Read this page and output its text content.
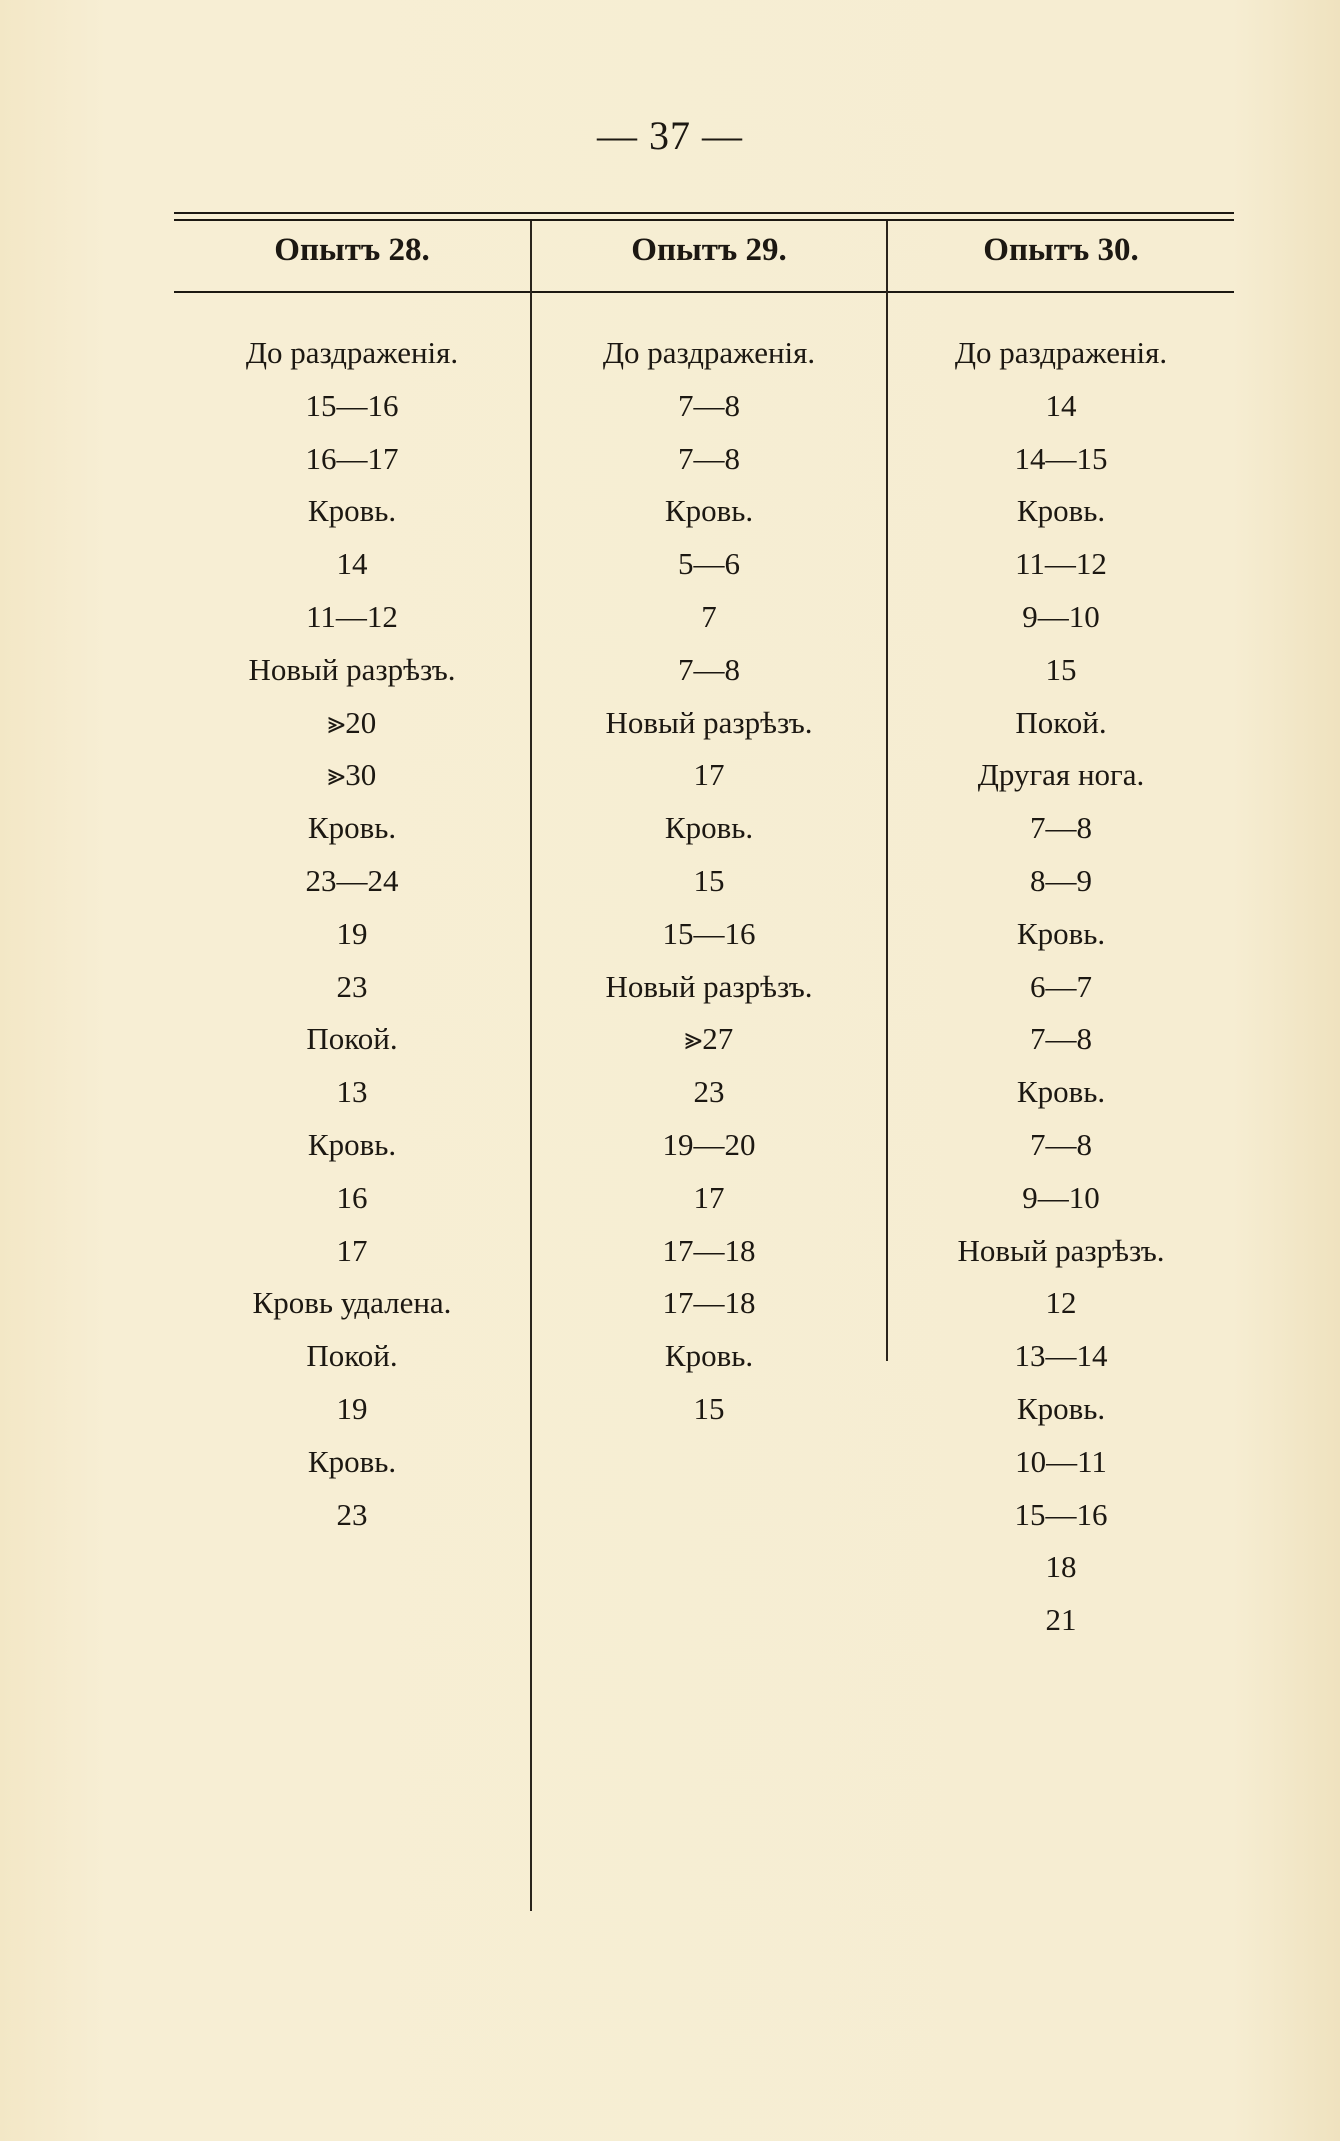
— 37 —
Опытъ 28.	Опытъ 29.	Опытъ 30.
До раздраженія.
15—16
16—17
Кровь.
14
11—12
Новый разрѣзъ.
⪢20
⪢30
Кровь.
23—24
19
23
Покой.
13
Кровь.
16
17
Кровь удалена.
Покой.
19
Кровь.
23
До раздраженія.
7—8
7—8
Кровь.
5—6
7
7—8
Новый разрѣзъ.
17
Кровь.
15
15—16
Новый разрѣзъ.
⪢27
23
19—20
17
17—18
17—18
Кровь.
15
До раздраженія.
14
14—15
Кровь.
11—12
9—10
15
Покой.
Другая нога.
7—8
8—9
Кровь.
6—7
7—8
Кровь.
7—8
9—10
Новый разрѣзъ.
12
13—14
Кровь.
10—11
15—16
18
21
